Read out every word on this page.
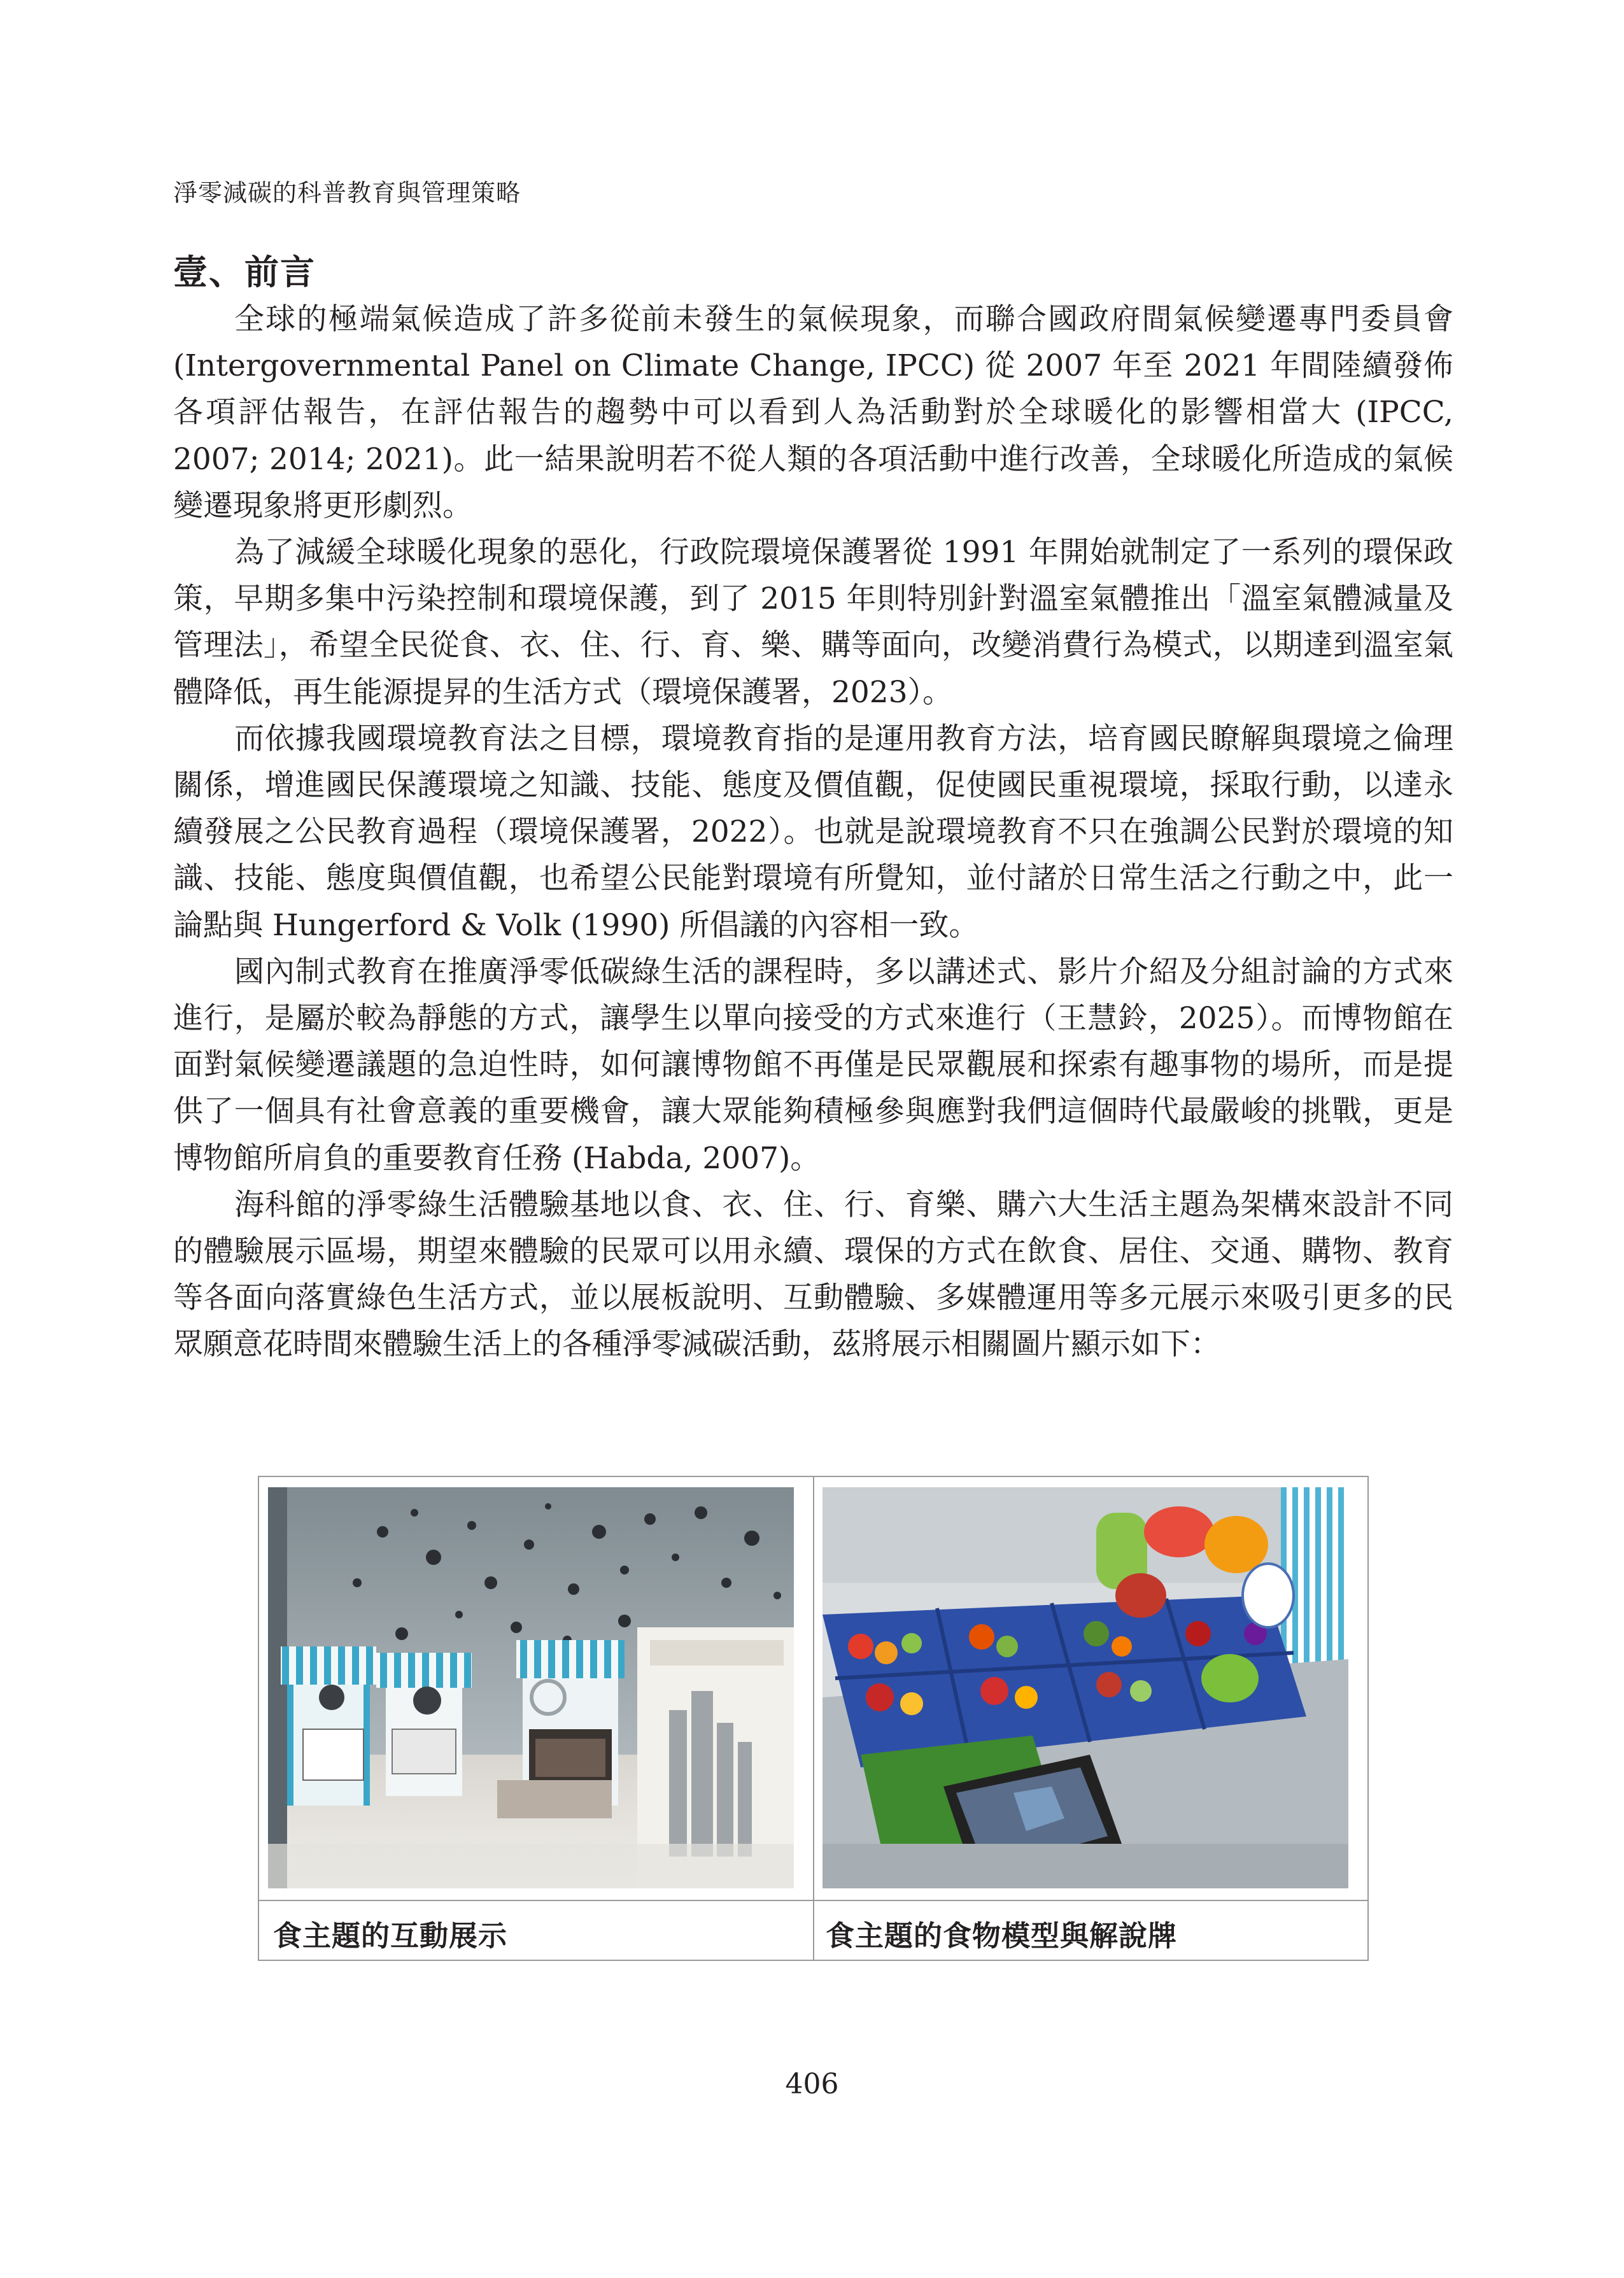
淨零減碳的科普教育與管理策略
壹、前言

全球的極端氣候造成了許多從前未發生的氣候現象，而聯合國政府間氣候變遷專門委員會 (Intergovernmental Panel on Climate Change, IPCC) 從 2007 年至 2021 年間陸續發佈各項評估報告，在評估報告的趨勢中可以看到人為活動對於全球暖化的影響相當大 (IPCC, 2007; 2014; 2021)。此一結果說明若不從人類的各項活動中進行改善，全球暖化所造成的氣候變遷現象將更形劇烈。

為了減緩全球暖化現象的惡化，行政院環境保護署從 1991 年開始就制定了一系列的環保政策，早期多集中污染控制和環境保護，到了 2015 年則特別針對溫室氣體推出「溫室氣體減量及管理法」，希望全民從食、衣、住、行、育、樂、購等面向，改變消費行為模式，以期達到溫室氣體降低，再生能源提昇的生活方式（環境保護署，2023）。

而依據我國環境教育法之目標，環境教育指的是運用教育方法，培育國民瞭解與環境之倫理關係，增進國民保護環境之知識、技能、態度及價值觀，促使國民重視環境，採取行動，以達永續發展之公民教育過程（環境保護署，2022）。也就是說環境教育不只在強調公民對於環境的知識、技能、態度與價值觀，也希望公民能對環境有所覺知，並付諸於日常生活之行動之中，此一論點與 Hungerford & Volk (1990) 所倡議的內容相一致。

國內制式教育在推廣淨零低碳綠生活的課程時，多以講述式、影片介紹及分組討論的方式來進行，是屬於較為靜態的方式，讓學生以單向接受的方式來進行（王慧鈴，2025）。而博物館在面對氣候變遷議題的急迫性時，如何讓博物館不再僅是民眾觀展和探索有趣事物的場所，而是提供了一個具有社會意義的重要機會，讓大眾能夠積極參與應對我們這個時代最嚴峻的挑戰，更是博物館所肩負的重要教育任務 (Habda, 2007)。

海科館的淨零綠生活體驗基地以食、衣、住、行、育樂、購六大生活主題為架構來設計不同的體驗展示區場，期望來體驗的民眾可以用永續、環保的方式在飲食、居住、交通、購物、教育等各面向落實綠色生活方式，並以展板說明、互動體驗、多媒體運用等多元展示來吸引更多的民眾願意花時間來體驗生活上的各種淨零減碳活動，茲將展示相關圖片顯示如下：

食主題的互動展示	食主題的食物模型與解說牌
406
